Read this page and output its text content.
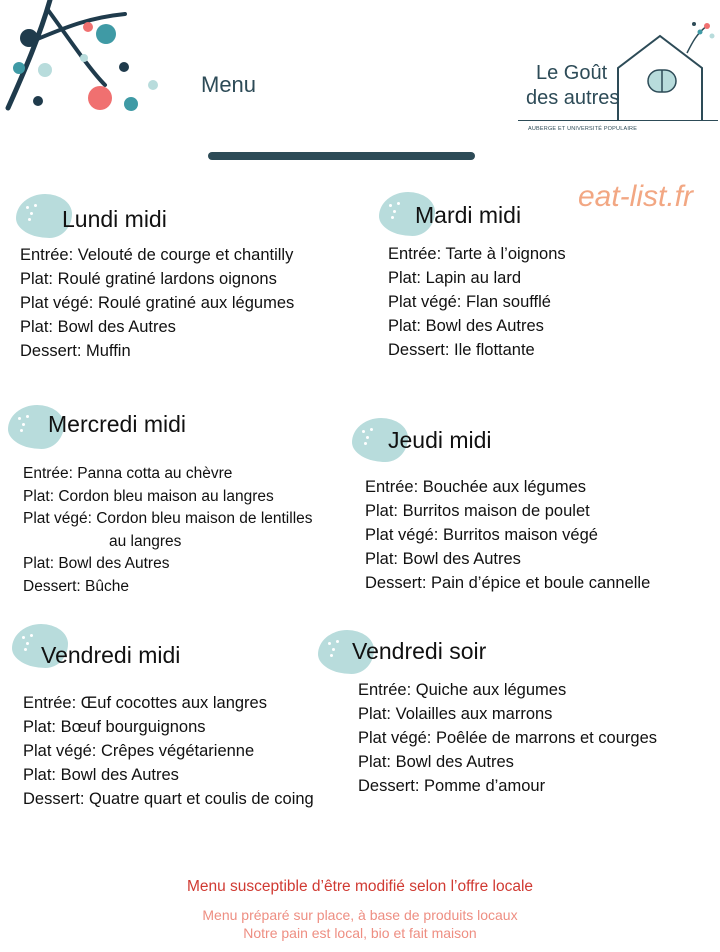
Menu
eat-list.fr
Le Goût
des autres
AUBERGE ET UNIVERSITÉ POPULAIRE
Lundi midi
Entrée: Velouté de courge et chantilly
Plat: Roulé gratiné lardons oignons
Plat végé: Roulé gratiné aux légumes
Plat: Bowl des Autres
Dessert: Muffin
Mardi midi
Entrée: Tarte à l’oignons
Plat: Lapin au lard
Plat végé: Flan soufflé
Plat: Bowl des Autres
Dessert: Ile flottante
Mercredi midi
Entrée: Panna cotta au chèvre
Plat: Cordon bleu maison au langres
Plat végé: Cordon bleu maison de lentilles
au langres
Plat: Bowl des Autres
Dessert: Bûche
Jeudi midi
Entrée: Bouchée aux légumes
Plat: Burritos maison de poulet
Plat végé: Burritos maison végé
Plat: Bowl des Autres
Dessert: Pain d’épice et boule cannelle
Vendredi midi
Entrée: Œuf cocottes aux langres
Plat: Bœuf bourguignons
Plat végé: Crêpes végétarienne
Plat: Bowl des Autres
Dessert: Quatre quart et coulis de coing
Vendredi soir
Entrée: Quiche aux légumes
Plat: Volailles aux marrons
Plat végé: Poêlée de marrons et courges
Plat: Bowl des Autres
Dessert: Pomme d’amour
Menu susceptible d’être modifié selon l’offre locale
Menu préparé sur place, à base de produits locaux
Notre pain est local, bio et fait maison
